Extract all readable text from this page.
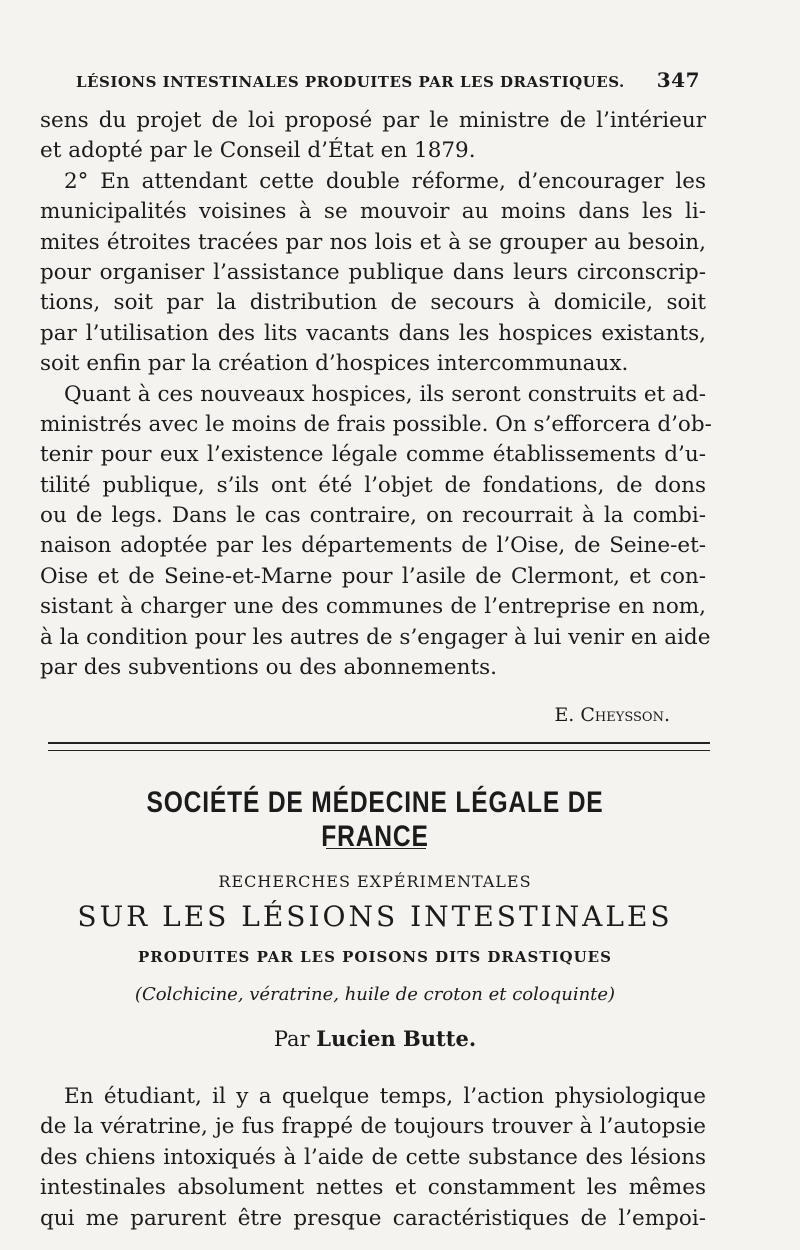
LÉSIONS INTESTINALES PRODUITES PAR LES DRASTIQUES. 347
sens du projet de loi proposé par le ministre de l’intérieur
et adopté par le Conseil d’État en 1879.
2° En attendant cette double réforme, d’encourager les
municipalités voisines à se mouvoir au moins dans les li-
mites étroites tracées par nos lois et à se grouper au besoin,
pour organiser l’assistance publique dans leurs circonscrip-
tions, soit par la distribution de secours à domicile, soit
par l’utilisation des lits vacants dans les hospices existants,
soit enfin par la création d’hospices intercommunaux.
Quant à ces nouveaux hospices, ils seront construits et ad-
ministrés avec le moins de frais possible. On s’efforcera d’ob-
tenir pour eux l’existence légale comme établissements d’u-
tilité publique, s’ils ont été l’objet de fondations, de dons
ou de legs. Dans le cas contraire, on recourrait à la combi-
naison adoptée par les départements de l’Oise, de Seine-et-
Oise et de Seine-et-Marne pour l’asile de Clermont, et con-
sistant à charger une des communes de l’entreprise en nom,
à la condition pour les autres de s’engager à lui venir en aide
par des subventions ou des abonnements.
E. Cheysson.
SOCIÉTÉ DE MÉDECINE LÉGALE DE FRANCE
RECHERCHES EXPÉRIMENTALES
SUR LES LÉSIONS INTESTINALES
PRODUITES PAR LES POISONS DITS DRASTIQUES
(Colchicine, vératrine, huile de croton et coloquinte)
Par Lucien Butte.
En étudiant, il y a quelque temps, l’action physiologique
de la vératrine, je fus frappé de toujours trouver à l’autopsie
des chiens intoxiqués à l’aide de cette substance des lésions
intestinales absolument nettes et constamment les mêmes
qui me parurent être presque caractéristiques de l’empoi-
